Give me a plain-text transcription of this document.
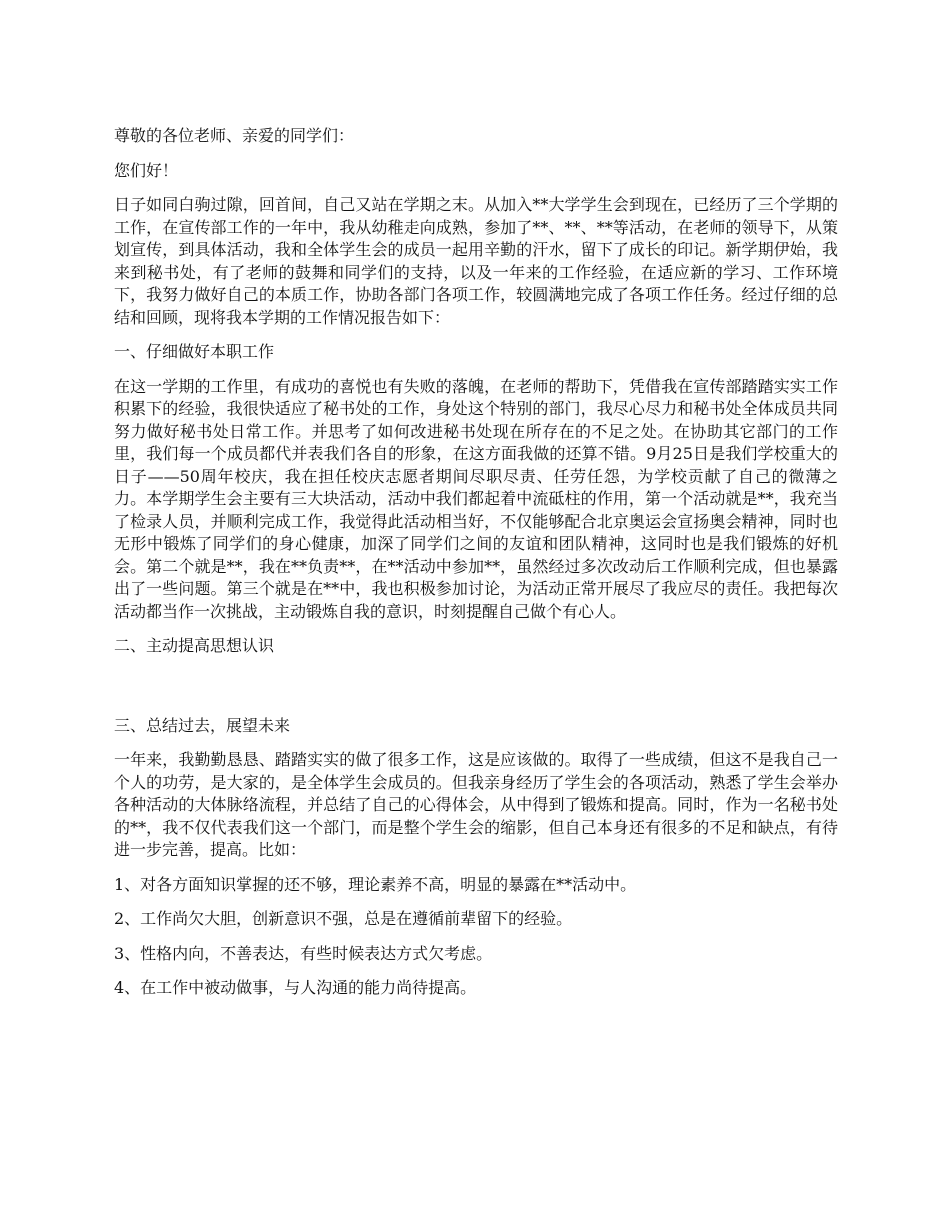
尊敬的各位老师、亲爱的同学们：

您们好！

日子如同白驹过隙，回首间，自己又站在学期之末。从加入**大学学生会到现在，已经历了三个学期的工作，在宣传部工作的一年中，我从幼稚走向成熟，参加了**、**、**等活动，在老师的领导下，从策划宣传，到具体活动，我和全体学生会的成员一起用辛勤的汗水，留下了成长的印记。新学期伊始，我来到秘书处，有了老师的鼓舞和同学们的支持，以及一年来的工作经验，在适应新的学习、工作环境下，我努力做好自己的本质工作，协助各部门各项工作，较圆满地完成了各项工作任务。经过仔细的总结和回顾，现将我本学期的工作情况报告如下：

一、仔细做好本职工作

在这一学期的工作里，有成功的喜悦也有失败的落魄，在老师的帮助下，凭借我在宣传部踏踏实实工作积累下的经验，我很快适应了秘书处的工作，身处这个特别的部门，我尽心尽力和秘书处全体成员共同努力做好秘书处日常工作。并思考了如何改进秘书处现在所存在的不足之处。在协助其它部门的工作里，我们每一个成员都代并表我们各自的形象，在这方面我做的还算不错。9月25日是我们学校重大的日子——50周年校庆，我在担任校庆志愿者期间尽职尽责、任劳任怨，为学校贡献了自己的微薄之力。本学期学生会主要有三大块活动，活动中我们都起着中流砥柱的作用，第一个活动就是**，我充当了检录人员，并顺利完成工作，我觉得此活动相当好，不仅能够配合北京奥运会宣扬奥会精神，同时也无形中锻炼了同学们的身心健康，加深了同学们之间的友谊和团队精神，这同时也是我们锻炼的好机会。第二个就是**，我在**负责**，在**活动中参加**，虽然经过多次改动后工作顺利完成，但也暴露出了一些问题。第三个就是在**中，我也积极参加讨论，为活动正常开展尽了我应尽的责任。我把每次活动都当作一次挑战，主动锻炼自我的意识，时刻提醒自己做个有心人。

二、主动提高思想认识

三、总结过去，展望未来

一年来，我勤勤恳恳、踏踏实实的做了很多工作，这是应该做的。取得了一些成绩，但这不是我自己一个人的功劳，是大家的，是全体学生会成员的。但我亲身经历了学生会的各项活动，熟悉了学生会举办各种活动的大体脉络流程，并总结了自己的心得体会，从中得到了锻炼和提高。同时，作为一名秘书处的**，我不仅代表我们这一个部门，而是整个学生会的缩影，但自己本身还有很多的不足和缺点，有待进一步完善，提高。比如：

1、对各方面知识掌握的还不够，理论素养不高，明显的暴露在**活动中。

2、工作尚欠大胆，创新意识不强，总是在遵循前辈留下的经验。

3、性格内向，不善表达，有些时候表达方式欠考虑。

4、在工作中被动做事，与人沟通的能力尚待提高。
